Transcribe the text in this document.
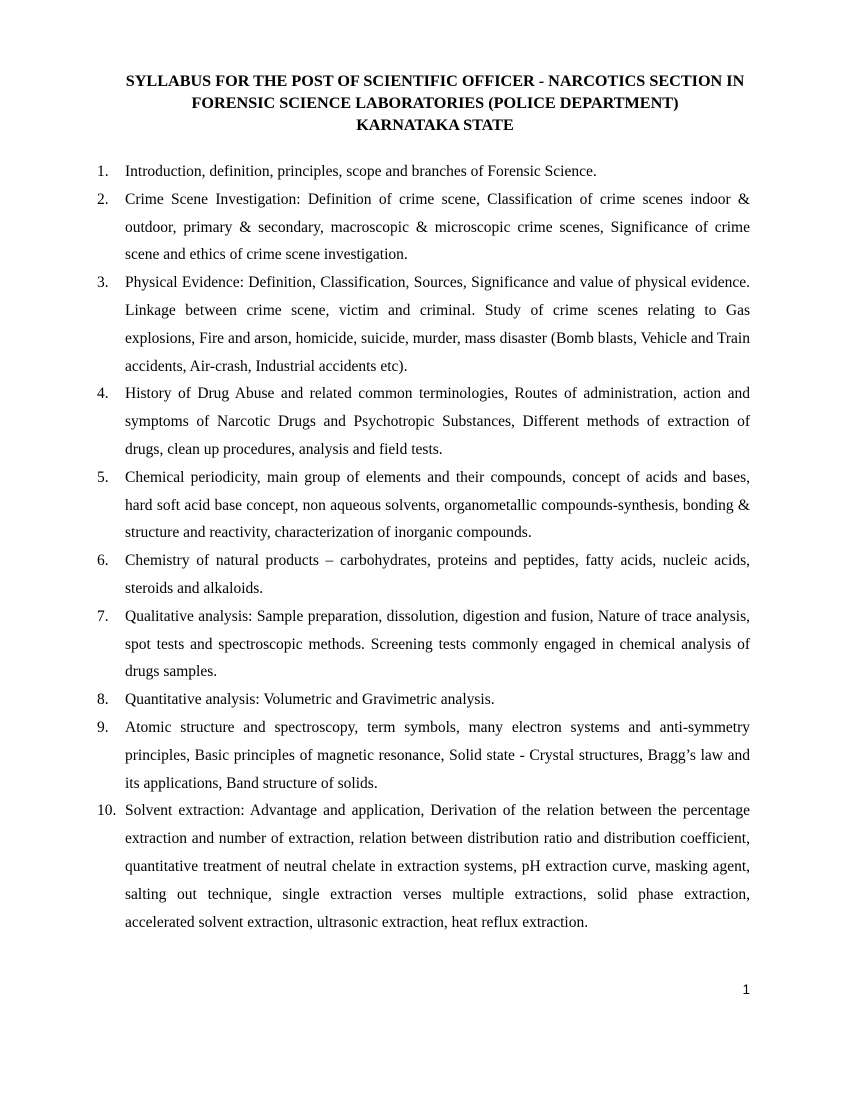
SYLLABUS FOR THE POST OF SCIENTIFIC OFFICER - NARCOTICS SECTION IN
FORENSIC SCIENCE LABORATORIES (POLICE DEPARTMENT)
KARNATAKA STATE
1.	Introduction, definition, principles, scope and branches of Forensic Science.
2.	Crime Scene Investigation: Definition of crime scene, Classification of crime scenes indoor & outdoor, primary & secondary, macroscopic & microscopic crime scenes, Significance of crime scene and ethics of crime scene investigation.
3.	Physical Evidence: Definition, Classification, Sources, Significance and value of physical evidence. Linkage between crime scene, victim and criminal. Study of crime scenes relating to Gas explosions, Fire and arson, homicide, suicide, murder, mass disaster (Bomb blasts, Vehicle and Train accidents, Air-crash, Industrial accidents etc).
4.	History of Drug Abuse and related common terminologies, Routes of administration, action and symptoms of Narcotic Drugs and Psychotropic Substances, Different methods of extraction of drugs, clean up procedures, analysis and field tests.
5.	Chemical periodicity, main group of elements and their compounds, concept of acids and bases, hard soft acid base concept, non aqueous solvents, organometallic compounds-synthesis, bonding & structure and reactivity, characterization of inorganic compounds.
6.	Chemistry of natural products – carbohydrates, proteins and peptides, fatty acids, nucleic acids, steroids and alkaloids.
7.	Qualitative analysis: Sample preparation, dissolution, digestion and fusion, Nature of trace analysis, spot tests and spectroscopic methods. Screening tests commonly engaged in chemical analysis of drugs samples.
8.	Quantitative analysis: Volumetric and Gravimetric analysis.
9.	Atomic structure and spectroscopy, term symbols, many electron systems and anti-symmetry principles, Basic principles of magnetic resonance, Solid state - Crystal structures, Bragg’s law and its applications, Band structure of solids.
10. Solvent extraction: Advantage and application, Derivation of the relation between the percentage extraction and number of extraction, relation between distribution ratio and distribution coefficient, quantitative treatment of neutral chelate in extraction systems, pH extraction curve, masking agent, salting out technique, single extraction verses multiple extractions, solid phase extraction, accelerated solvent extraction, ultrasonic extraction, heat reflux extraction.
1
